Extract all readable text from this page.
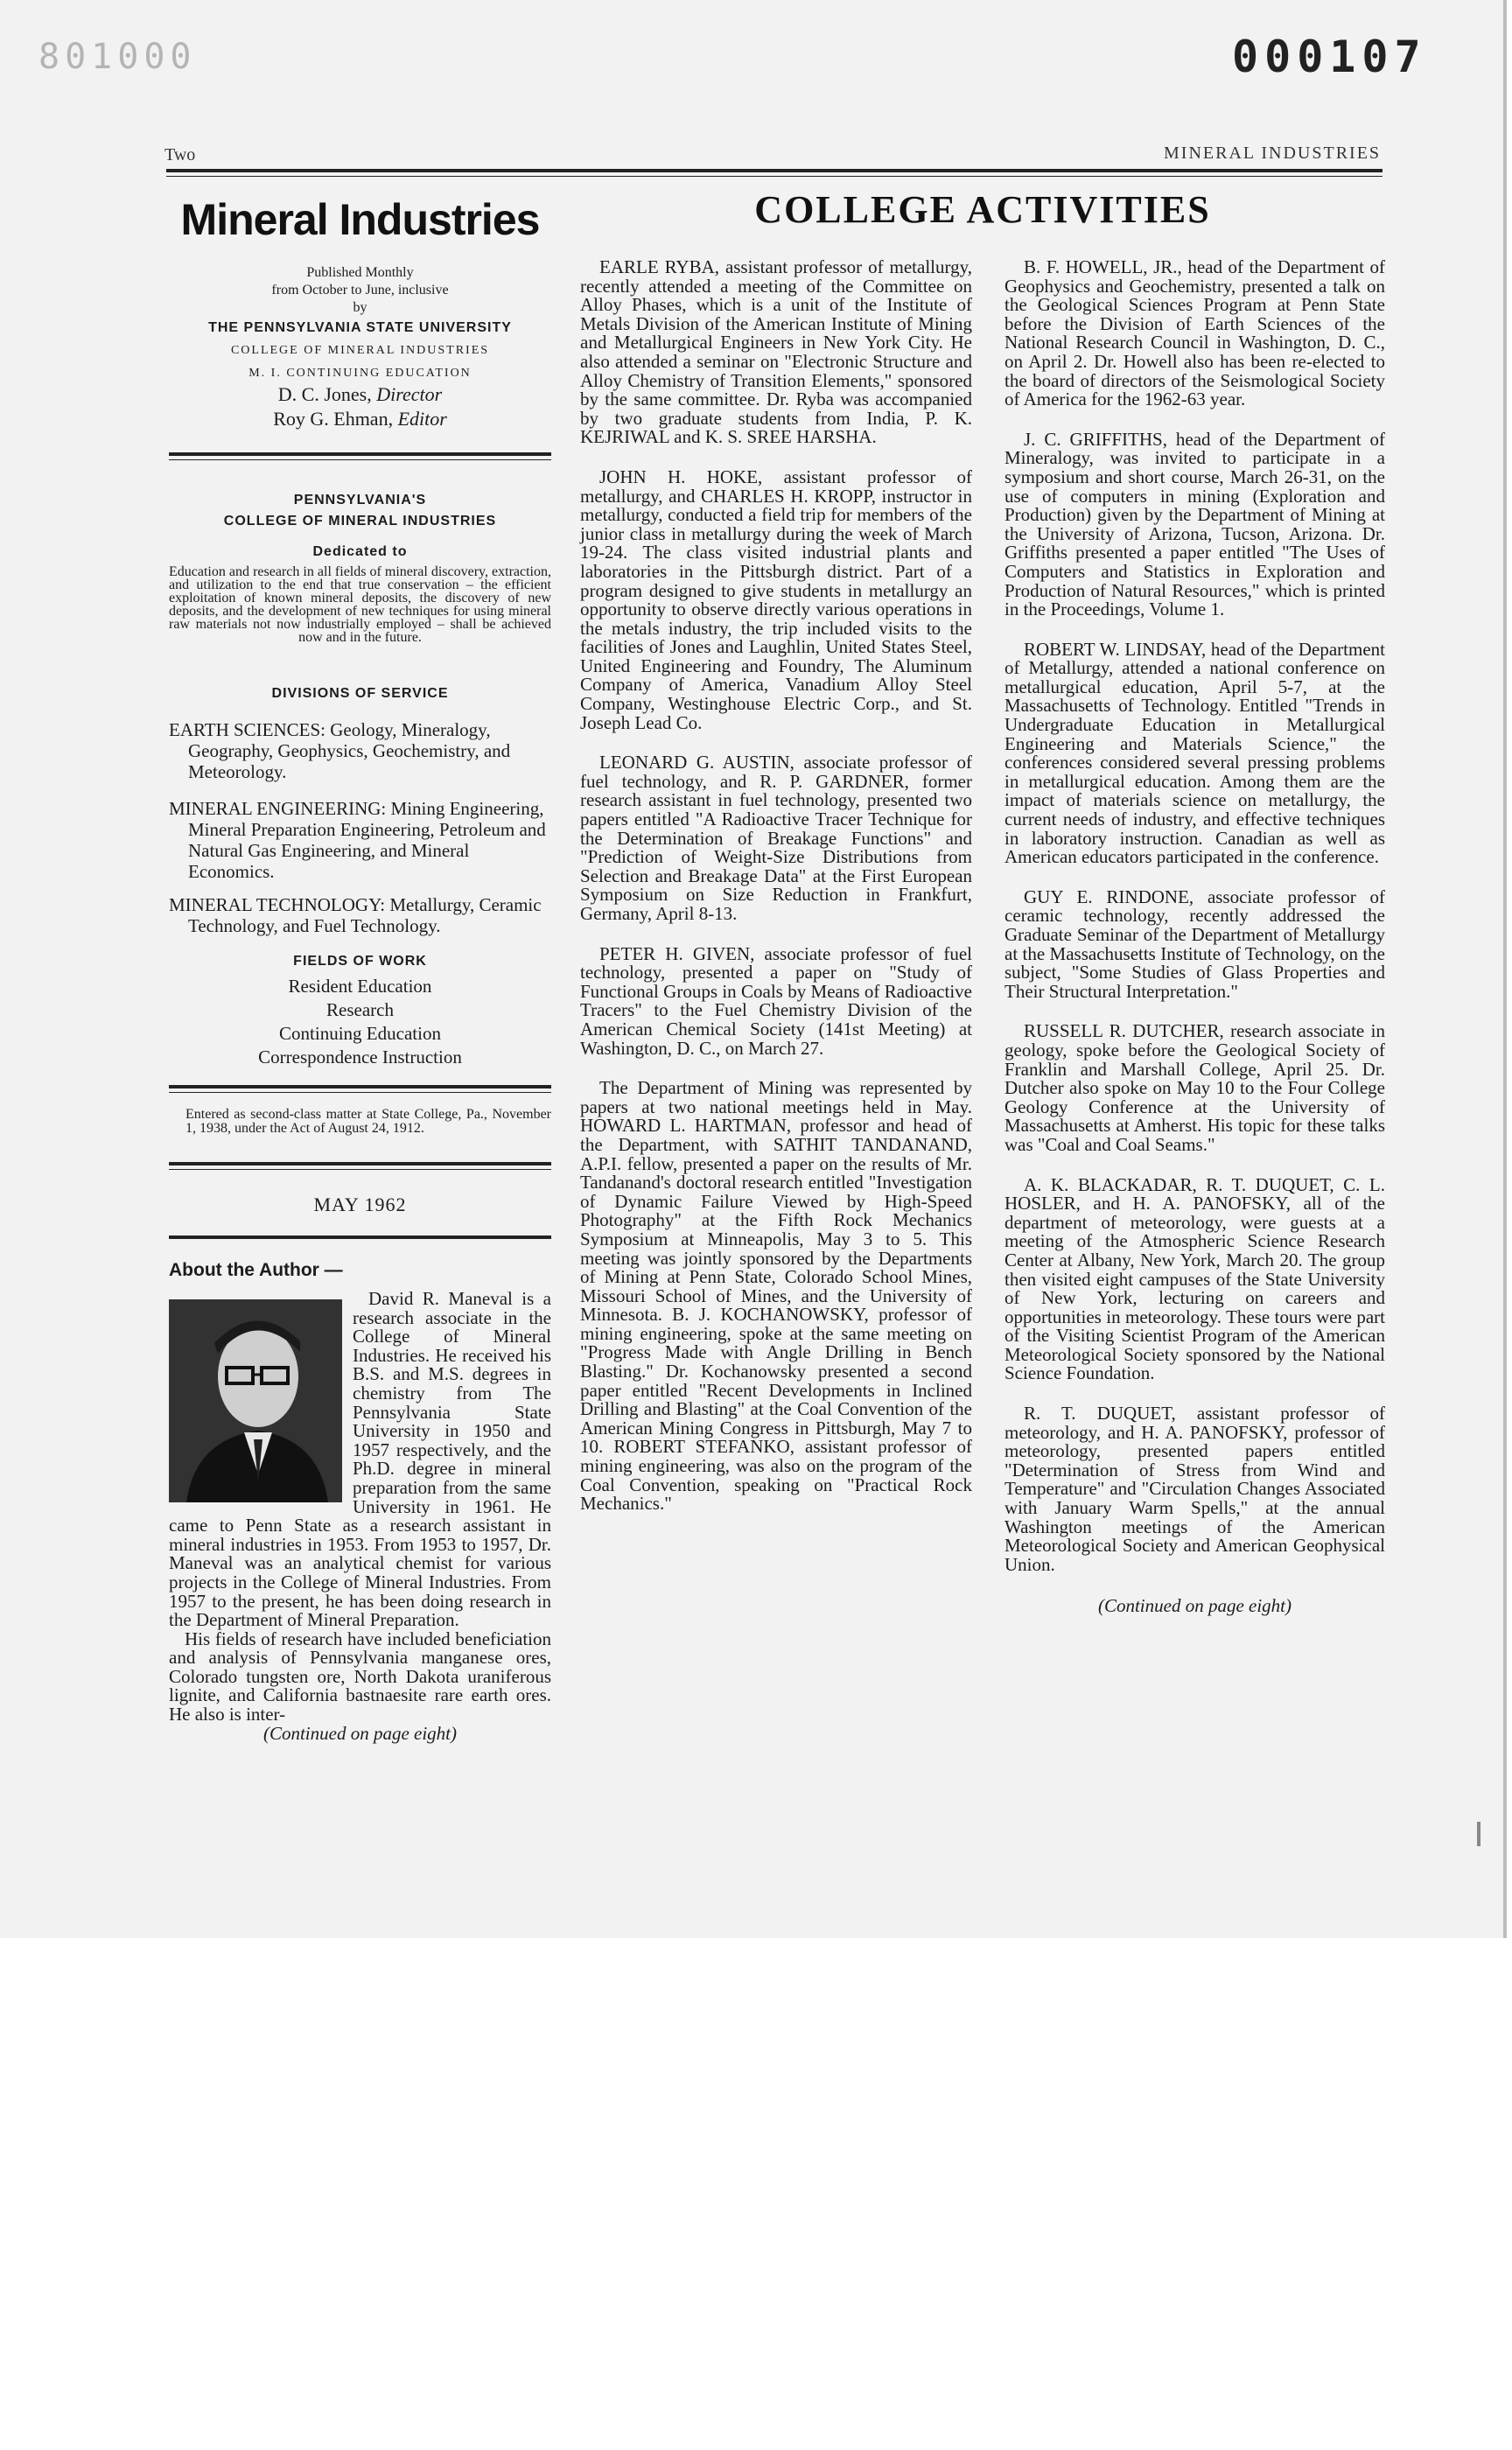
801000	000107
Two	MINERAL INDUSTRIES
Mineral Industries
Published Monthly
from October to June, inclusive
by
THE PENNSYLVANIA STATE UNIVERSITY
COLLEGE OF MINERAL INDUSTRIES
M. I. CONTINUING EDUCATION
D. C. Jones, Director
Roy G. Ehman, Editor
PENNSYLVANIA'S
COLLEGE OF MINERAL INDUSTRIES
Dedicated to

Education and research in all fields of mineral discovery, extraction, and utilization to the end that true conservation – the efficient exploitation of known mineral deposits, the discovery of new deposits, and the development of new techniques for using mineral raw materials not now industrially employed – shall be achieved now and in the future.

DIVISIONS OF SERVICE
EARTH SCIENCES: Geology, Mineralogy, Geography, Geophysics, Geochemistry, and Meteorology.
MINERAL ENGINEERING: Mining Engineering, Mineral Preparation Engineering, Petroleum and Natural Gas Engineering, and Mineral Economics.
MINERAL TECHNOLOGY: Metallurgy, Ceramic Technology, and Fuel Technology.
FIELDS OF WORK
Resident Education
Research
Continuing Education
Correspondence Instruction
Entered as second-class matter at State College, Pa., November 1, 1938, under the Act of August 24, 1912.
MAY 1962
About the Author —

David R. Maneval is a research associate in the College of Mineral Industries. He received his B.S. and M.S. degrees in chemistry from The Pennsylvania State University in 1950 and 1957 respectively, and the Ph.D. degree in mineral preparation from the same University in 1961. He came to Penn State as a research assistant in mineral industries in 1953. From 1953 to 1957, Dr. Maneval was an analytical chemist for various projects in the College of Mineral Industries. From 1957 to the present, he has been doing research in the Department of Mineral Preparation.

His fields of research have included beneficiation and analysis of Pennsylvania manganese ores, Colorado tungsten ore, North Dakota uraniferous lignite, and California bastnaesite rare earth ores. He also is inter-

(Continued on page eight)

COLLEGE ACTIVITIES

EARLE RYBA, assistant professor of metallurgy, recently attended a meeting of the Committee on Alloy Phases, which is a unit of the Institute of Metals Division of the American Institute of Mining and Metallurgical Engineers in New York City. He also attended a seminar on "Electronic Structure and Alloy Chemistry of Transition Elements," sponsored by the same committee. Dr. Ryba was accompanied by two graduate students from India, P. K. KEJRIWAL and K. S. SREE HARSHA.

JOHN H. HOKE, assistant professor of metallurgy, and CHARLES H. KROPP, instructor in metallurgy, conducted a field trip for members of the junior class in metallurgy during the week of March 19-24. The class visited industrial plants and laboratories in the Pittsburgh district. Part of a program designed to give students in metallurgy an opportunity to observe directly various operations in the metals industry, the trip included visits to the facilities of Jones and Laughlin, United States Steel, United Engineering and Foundry, The Aluminum Company of America, Vanadium Alloy Steel Company, Westinghouse Electric Corp., and St. Joseph Lead Co.

LEONARD G. AUSTIN, associate professor of fuel technology, and R. P. GARDNER, former research assistant in fuel technology, presented two papers entitled "A Radioactive Tracer Technique for the Determination of Breakage Functions" and "Prediction of Weight-Size Distributions from Selection and Breakage Data" at the First European Symposium on Size Reduction in Frankfurt, Germany, April 8-13.

PETER H. GIVEN, associate professor of fuel technology, presented a paper on "Study of Functional Groups in Coals by Means of Radioactive Tracers" to the Fuel Chemistry Division of the American Chemical Society (141st Meeting) at Washington, D. C., on March 27.

The Department of Mining was represented by papers at two national meetings held in May. HOWARD L. HARTMAN, professor and head of the Department, with SATHIT TANDANAND, A.P.I. fellow, presented a paper on the results of Mr. Tandanand's doctoral research entitled "Investigation of Dynamic Failure Viewed by High-Speed Photography" at the Fifth Rock Mechanics Symposium at Minneapolis, May 3 to 5. This meeting was jointly sponsored by the Departments of Mining at Penn State, Colorado School Mines, Missouri School of Mines, and the University of Minnesota. B. J. KOCHANOWSKY, professor of mining engineering, spoke at the same meeting on "Progress Made with Angle Drilling in Bench Blasting." Dr. Kochanowsky presented a second paper entitled "Recent Developments in Inclined Drilling and Blasting" at the Coal Convention of the American Mining Congress in Pittsburgh, May 7 to 10. ROBERT STEFANKO, assistant professor of mining engineering, was also on the program of the Coal Convention, speaking on "Practical Rock Mechanics."

B. F. HOWELL, JR., head of the Department of Geophysics and Geochemistry, presented a talk on the Geological Sciences Program at Penn State before the Division of Earth Sciences of the National Research Council in Washington, D. C., on April 2. Dr. Howell also has been re-elected to the board of directors of the Seismological Society of America for the 1962-63 year.

J. C. GRIFFITHS, head of the Department of Mineralogy, was invited to participate in a symposium and short course, March 26-31, on the use of computers in mining (Exploration and Production) given by the Department of Mining at the University of Arizona, Tucson, Arizona. Dr. Griffiths presented a paper entitled "The Uses of Computers and Statistics in Exploration and Production of Natural Resources," which is printed in the Proceedings, Volume 1.

ROBERT W. LINDSAY, head of the Department of Metallurgy, attended a national conference on metallurgical education, April 5-7, at the Massachusetts of Technology. Entitled "Trends in Undergraduate Education in Metallurgical Engineering and Materials Science," the conferences considered several pressing problems in metallurgical education. Among them are the impact of materials science on metallurgy, the current needs of industry, and effective techniques in laboratory instruction. Canadian as well as American educators participated in the conference.

GUY E. RINDONE, associate professor of ceramic technology, recently addressed the Graduate Seminar of the Department of Metallurgy at the Massachusetts Institute of Technology, on the subject, "Some Studies of Glass Properties and Their Structural Interpretation."

RUSSELL R. DUTCHER, research associate in geology, spoke before the Geological Society of Franklin and Marshall College, April 25. Dr. Dutcher also spoke on May 10 to the Four College Geology Conference at the University of Massachusetts at Amherst. His topic for these talks was "Coal and Coal Seams."

A. K. BLACKADAR, R. T. DUQUET, C. L. HOSLER, and H. A. PANOFSKY, all of the department of meteorology, were guests at a meeting of the Atmospheric Science Research Center at Albany, New York, March 20. The group then visited eight campuses of the State University of New York, lecturing on careers and opportunities in meteorology. These tours were part of the Visiting Scientist Program of the American Meteorological Society sponsored by the National Science Foundation.

R. T. DUQUET, assistant professor of meteorology, and H. A. PANOFSKY, professor of meteorology, presented papers entitled "Determination of Stress from Wind and Temperature" and "Circulation Changes Associated with January Warm Spells," at the annual Washington meetings of the American Meteorological Society and American Geophysical Union.

(Continued on page eight)
